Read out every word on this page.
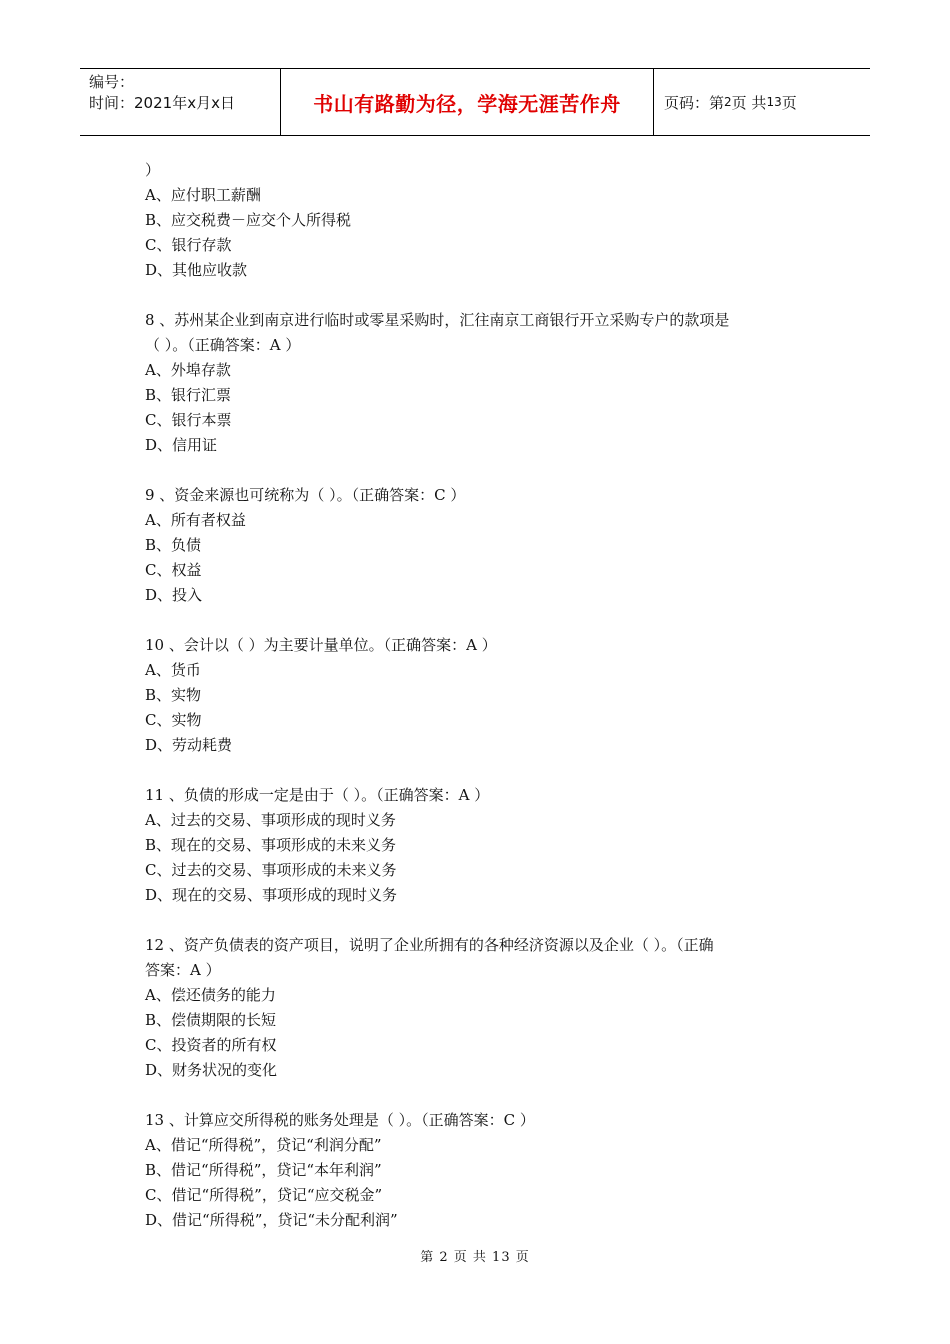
编号：
时间：2021年x月x日	书山有路勤为径，学海无涯苦作舟	页码：第 2 页 共 13 页
）
A、应付职工薪酬
B、应交税费－应交个人所得税
C、银行存款
D、其他应收款
8 、苏州某企业到南京进行临时或零星采购时，汇往南京工商银行开立采购专户的款项是
（ ）。（正确答案：A ）
A、外埠存款
B、银行汇票
C、银行本票
D、信用证
9 、资金来源也可统称为（ ）。（正确答案：C ）
A、所有者权益
B、负债
C、权益
D、投入
10 、会计以（ ）为主要计量单位。（正确答案：A ）
A、货币
B、实物
C、实物
D、劳动耗费
11 、负债的形成一定是由于（ ）。（正确答案：A ）
A、过去的交易、事项形成的现时义务
B、现在的交易、事项形成的未来义务
C、过去的交易、事项形成的未来义务
D、现在的交易、事项形成的现时义务
12 、资产负债表的资产项目，说明了企业所拥有的各种经济资源以及企业（ ）。（正确
答案：A ）
A、偿还债务的能力
B、偿债期限的长短
C、投资者的所有权
D、财务状况的变化
13 、计算应交所得税的账务处理是（ ）。（正确答案：C ）
A、借记“所得税”，贷记“利润分配”
B、借记“所得税”，贷记“本年利润”
C、借记“所得税”，贷记“应交税金”
D、借记“所得税”，贷记“未分配利润”
第 2 页 共 13 页
